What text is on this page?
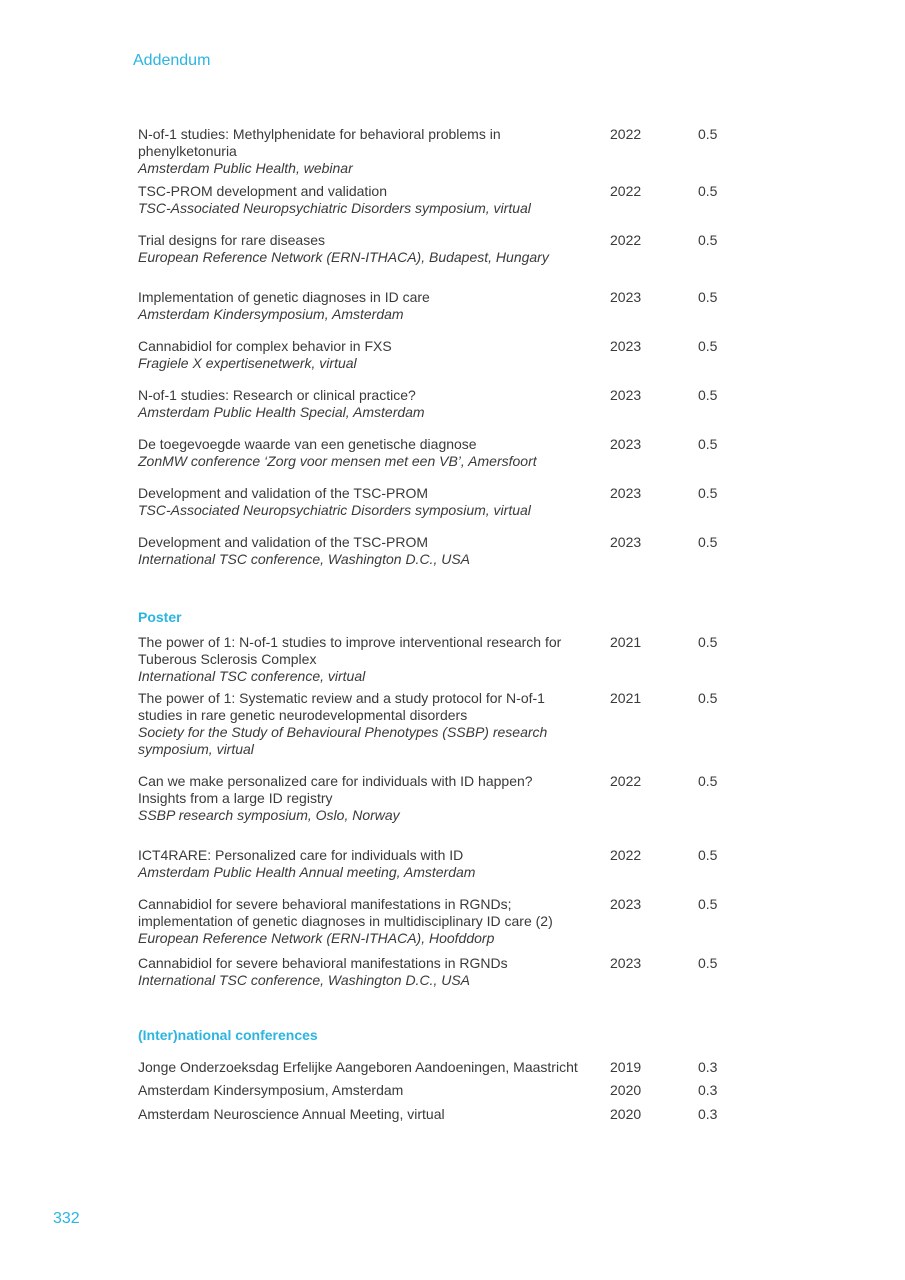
Addendum
N-of-1 studies: Methylphenidate for behavioral problems in
phenylketonuria
Amsterdam Public Health, webinar
2022	0.5
TSC-PROM development and validation
TSC-Associated Neuropsychiatric Disorders symposium, virtual
2022	0.5
Trial designs for rare diseases
European Reference Network (ERN-ITHACA), Budapest, Hungary
2022	0.5
Implementation of genetic diagnoses in ID care
Amsterdam Kindersymposium, Amsterdam
2023	0.5
Cannabidiol for complex behavior in FXS
Fragiele X expertisenetwerk, virtual
2023	0.5
N-of-1 studies: Research or clinical practice?
Amsterdam Public Health Special, Amsterdam
2023	0.5
De toegevoegde waarde van een genetische diagnose
ZonMW conference ‘Zorg voor mensen met een VB’, Amersfoort
2023	0.5
Development and validation of the TSC-PROM
TSC-Associated Neuropsychiatric Disorders symposium, virtual
2023	0.5
Development and validation of the TSC-PROM
International TSC conference, Washington D.C., USA
2023	0.5
The power of 1: N-of-1 studies to improve interventional research for
Tuberous Sclerosis Complex
International TSC conference, virtual
2021	0.5
The power of 1: Systematic review and a study protocol for N-of-1
studies in rare genetic neurodevelopmental disorders
Society for the Study of Behavioural Phenotypes (SSBP) research
symposium, virtual
2021	0.5
Can we make personalized care for individuals with ID happen?
Insights from a large ID registry
SSBP research symposium, Oslo, Norway
2022	0.5
ICT4RARE: Personalized care for individuals with ID
Amsterdam Public Health Annual meeting, Amsterdam
2022	0.5
Cannabidiol for severe behavioral manifestations in RGNDs;
implementation of genetic diagnoses in multidisciplinary ID care (2)
European Reference Network (ERN-ITHACA), Hoofddorp
2023	0.5
Cannabidiol for severe behavioral manifestations in RGNDs
International TSC conference, Washington D.C., USA
2023	0.5
Jonge Onderzoeksdag Erfelijke Aangeboren Aandoeningen, Maastricht	2019	0.3
Amsterdam Kindersymposium, Amsterdam	2020	0.3
Amsterdam Neuroscience Annual Meeting, virtual	2020	0.3
Poster
(Inter)national conferences
332
